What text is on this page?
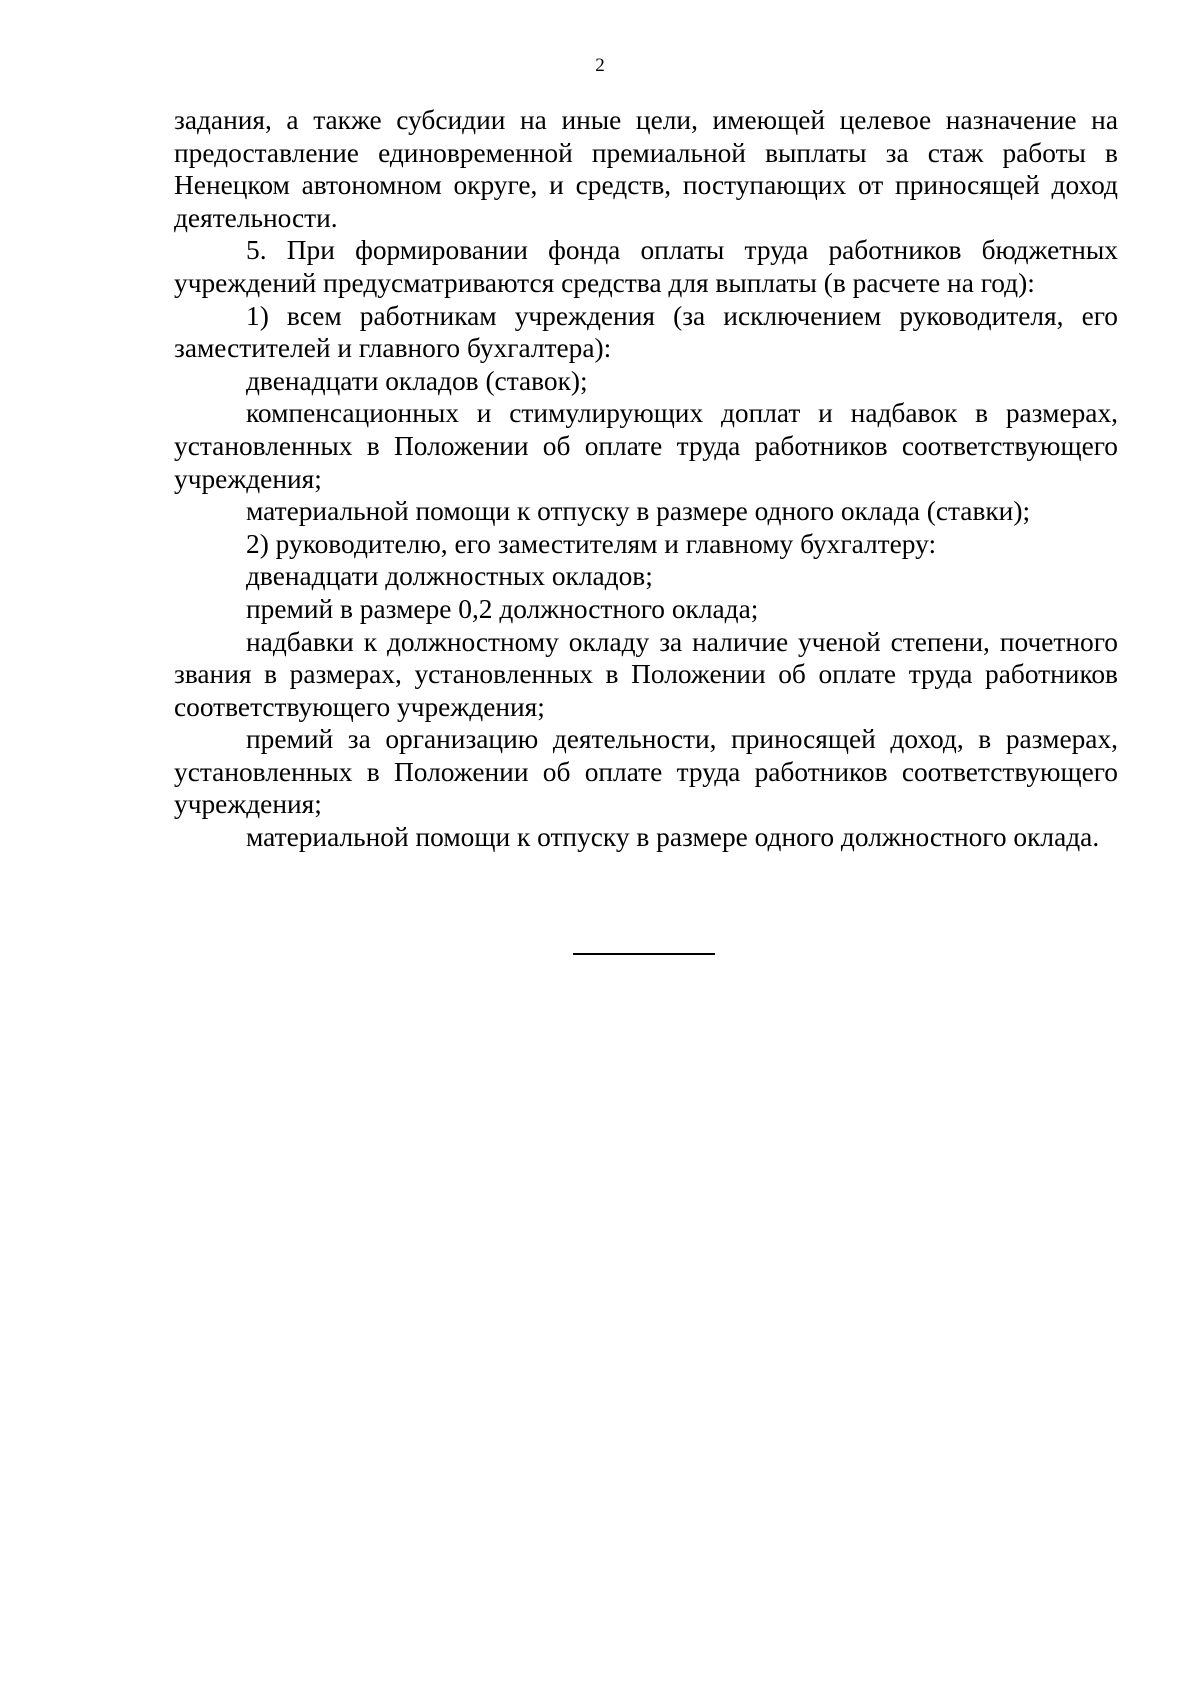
2

задания, а также субсидии на иные цели, имеющей целевое назначение на предоставление единовременной премиальной выплаты за стаж работы в Ненецком автономном округе, и средств, поступающих от приносящей доход деятельности.

5. При формировании фонда оплаты труда работников бюджетных учреждений предусматриваются средства для выплаты (в расчете на год):

1) всем работникам учреждения (за исключением руководителя, его заместителей и главного бухгалтера):

двенадцати окладов (ставок);

компенсационных и стимулирующих доплат и надбавок в размерах, установленных в Положении об оплате труда работников соответствующего учреждения;

материальной помощи к отпуску в размере одного оклада (ставки);

2) руководителю, его заместителям и главному бухгалтеру:

двенадцати должностных окладов;

премий в размере 0,2 должностного оклада;

надбавки к должностному окладу за наличие ученой степени, почетного звания в размерах, установленных в Положении об оплате труда работников соответствующего учреждения;

премий за организацию деятельности, приносящей доход, в размерах, установленных в Положении об оплате труда работников соответствующего учреждения;

материальной помощи к отпуску в размере одного должностного оклада.
